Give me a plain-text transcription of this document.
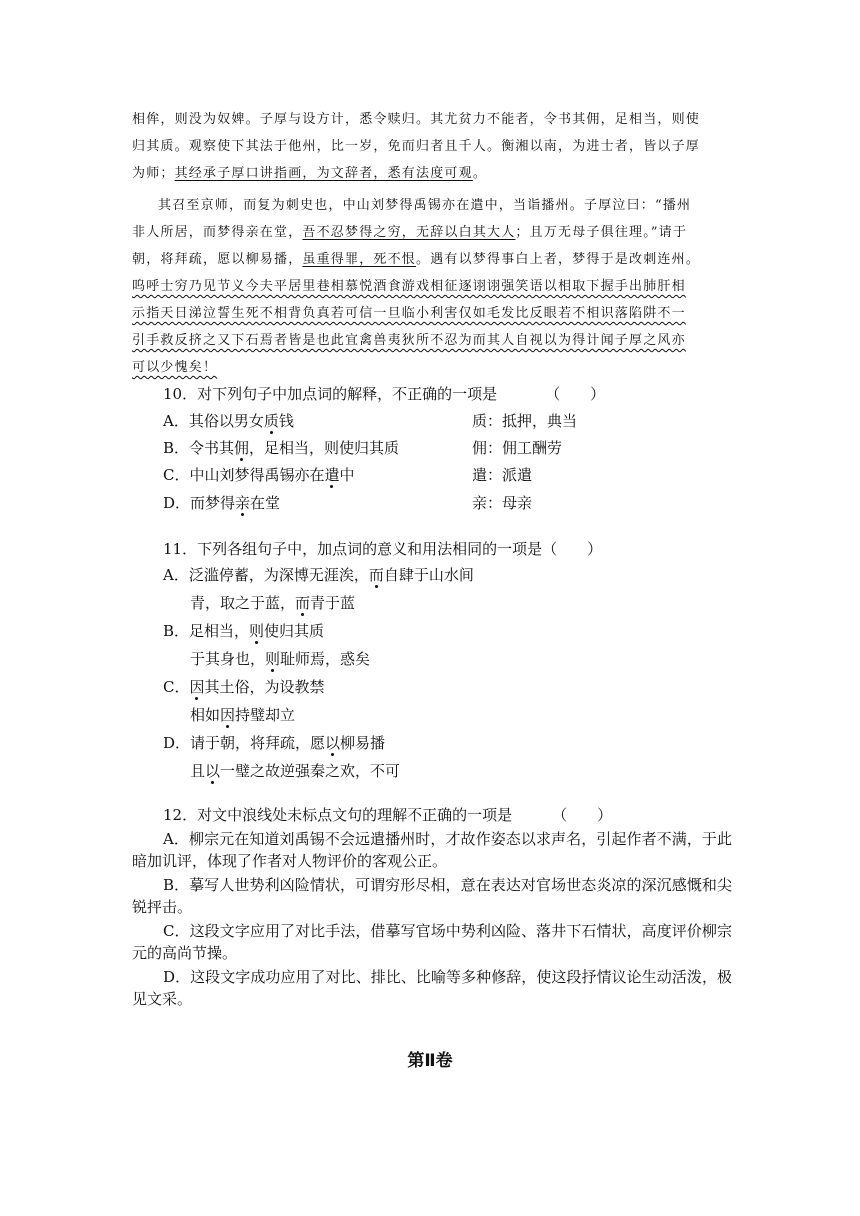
相侔，则没为奴婢。子厚与设方计，悉令赎归。其尤贫力不能者，令书其佣，足相当，则使

归其质。观察使下其法于他州，比一岁，免而归者且千人。衡湘以南，为进士者，皆以子厚

为师；其经承子厚口讲指画，为文辞者，悉有法度可观。

其召至京师，而复为刺史也，中山刘梦得禹锡亦在遣中，当诣播州。子厚泣曰：“播州

非人所居，而梦得亲在堂，吾不忍梦得之穷，无辞以白其大人；且万无母子俱往理。”请于

朝，将拜疏，愿以柳易播，虽重得罪，死不恨。遇有以梦得事白上者，梦得于是改刺连州。

呜呼士穷乃见节义今夫平居里巷相慕悦酒食游戏相征逐诩诩强笑语以相取下握手出肺肝相

示指天日涕泣誓生死不相背负真若可信一旦临小利害仅如毛发比反眼若不相识落陷阱不一

引手救反挤之又下石焉者皆是也此宜禽兽夷狄所不忍为而其人自视以为得计闻子厚之风亦

可以少愧矣！

10．对下列句子中加点词的解释，不正确的一项是	（　　）

A．其俗以男女质钱	质：抵押，典当

B．令书其佣，足相当，则使归其质	佣：佣工酬劳

C．中山刘梦得禹锡亦在遣中	遣：派遣

D．而梦得亲在堂	亲：母亲

11．下列各组句子中，加点词的意义和用法相同的一项是（　　）

A．泛滥停蓄，为深博无涯涘，而自肆于山水间

青，取之于蓝，而青于蓝

B．足相当，则使归其质

于其身也，则耻师焉，惑矣

C．因其土俗，为设教禁

相如因持璧却立

D．请于朝，将拜疏，愿以柳易播

且以一璧之故逆强秦之欢，不可

12．对文中浪线处未标点文句的理解不正确的一项是	（　　）

A．柳宗元在知道刘禹锡不会远遣播州时，才故作姿态以求声名，引起作者不满，于此暗加讥评，体现了作者对人物评价的客观公正。

B．摹写人世势利凶险情状，可谓穷形尽相，意在表达对官场世态炎凉的深沉感慨和尖锐抨击。

C．这段文字应用了对比手法，借摹写官场中势利凶险、落井下石情状，高度评价柳宗元的高尚节操。

D．这段文字成功应用了对比、排比、比喻等多种修辞，使这段抒情议论生动活泼，极见文采。

第Ⅱ卷
